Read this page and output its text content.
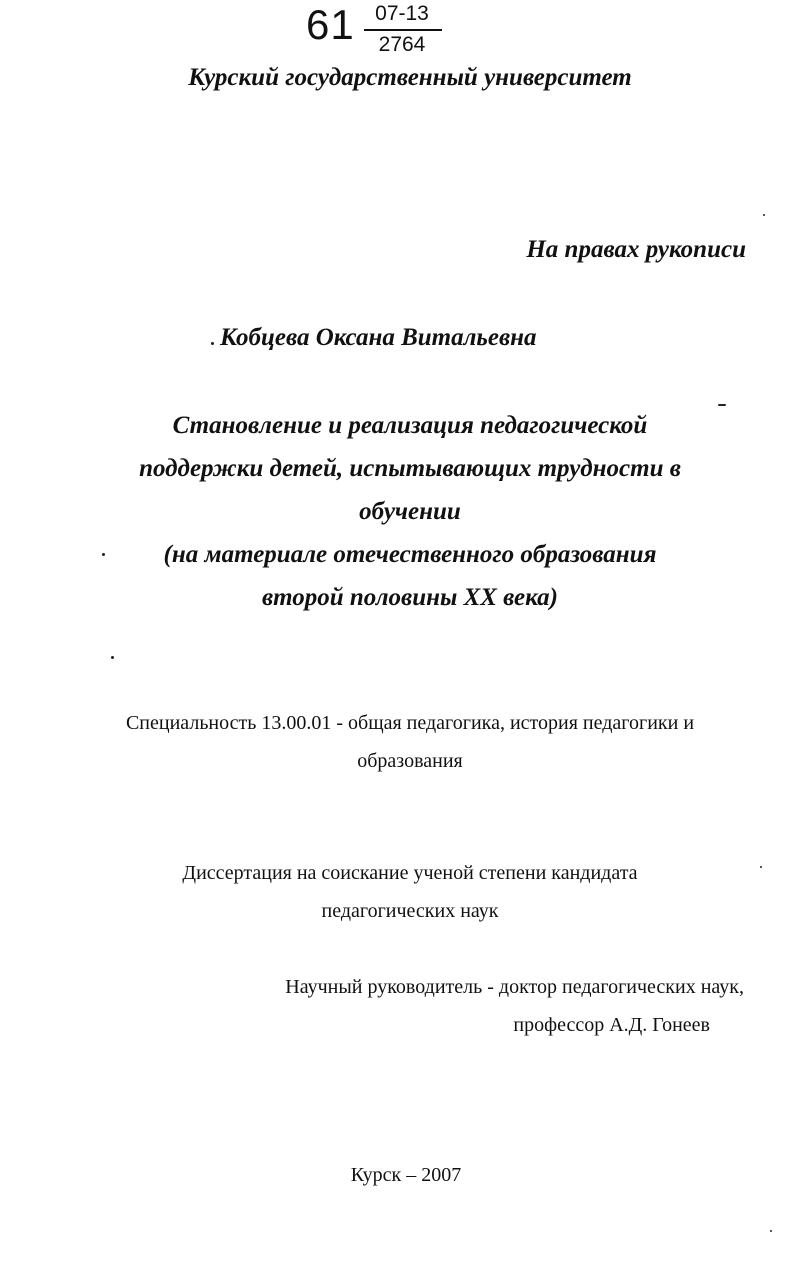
61 07-13
2764
Курский государственный университет
На правах рукописи
Кобцева Оксана Витальевна
Становление и реализация педагогической
поддержки детей, испытывающих трудности в
обучении
(на материале отечественного образования
второй половины XX века)
Специальность 13.00.01 - общая педагогика, история педагогики и
образования
Диссертация на соискание ученой степени кандидата
педагогических наук
Научный руководитель - доктор педагогических наук,
профессор А.Д. Гонеев
Курск – 2007
